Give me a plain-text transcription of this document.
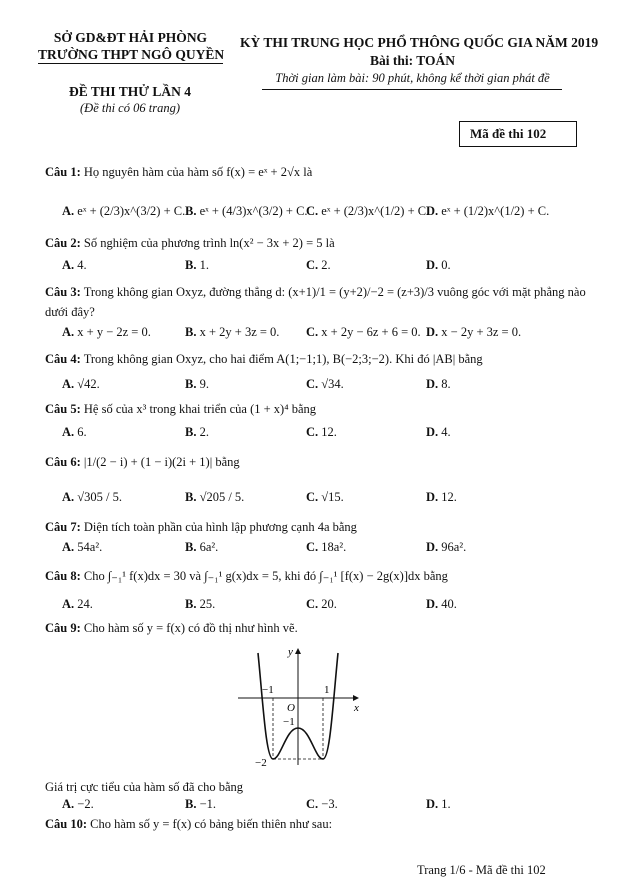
SỞ GD&ĐT HẢI PHÒNG
TRƯỜNG THPT NGÔ QUYỀN
ĐỀ THI THỬ LẦN 4
(Đề thi có 06 trang)
KỲ THI TRUNG HỌC PHỔ THÔNG QUỐC GIA NĂM 2019
Bài thi: TOÁN
Thời gian làm bài: 90 phút, không kể thời gian phát đề
Mã đề thi 102
Câu 1: Họ nguyên hàm của hàm số f(x) = eˣ + 2√x là
A. eˣ + (2/3)x^(3/2) + C. B. eˣ + (4/3)x^(3/2) + C.
C. eˣ + (2/3)x^(1/2) + C.
D. eˣ + (1/2)x^(1/2) + C.
Câu 2: Số nghiệm của phương trình ln(x² − 3x + 2) = 5 là
A. 4.	B. 1.	C. 2.	D. 0.
Câu 3: Trong không gian Oxyz, đường thẳng d: (x+1)/1 = (y+2)/−2 = (z+3)/3 vuông góc với mặt phẳng nào
dưới đây?
A. x + y − 2z = 0.	B. x + 2y + 3z = 0. C. x + 2y − 6z + 6 = 0. D. x − 2y + 3z = 0.
Câu 4: Trong không gian Oxyz, cho hai điểm A(1;−1;1), B(−2;3;−2). Khi đó |AB| bằng
A. √42.	B. 9.	C. √34.	D. 8.
Câu 5: Hệ số của x³ trong khai triển của (1 + x)⁴ bằng
A. 6.	B. 2.	C. 12.	D. 4.
Câu 6: |1/(2 − i) + (1 − i)(2i + 1)| bằng
A. √305 / 5.	B. √205 / 5.	C. √15.	D. 12.
Câu 7: Diện tích toàn phần của hình lập phương cạnh 4a bằng
A. 54a².	B. 6a².	C. 18a².	D. 96a².
Câu 8: Cho ∫₋₁¹ f(x)dx = 30 và ∫₋₁¹ g(x)dx = 5, khi đó ∫₋₁¹ [f(x) − 2g(x)]dx bằng
A. 24.	B. 25.	C. 20.	D. 40.
Câu 9: Cho hàm số y = f(x) có đồ thị như hình vẽ.
y
x
O
−1	1
−1
−2
Giá trị cực tiểu của hàm số đã cho bằng
A. −2.	B. −1.	C. −3.	D. 1.
Câu 10: Cho hàm số y = f(x) có bảng biến thiên như sau:
Trang 1/6 - Mã đề thi 102
